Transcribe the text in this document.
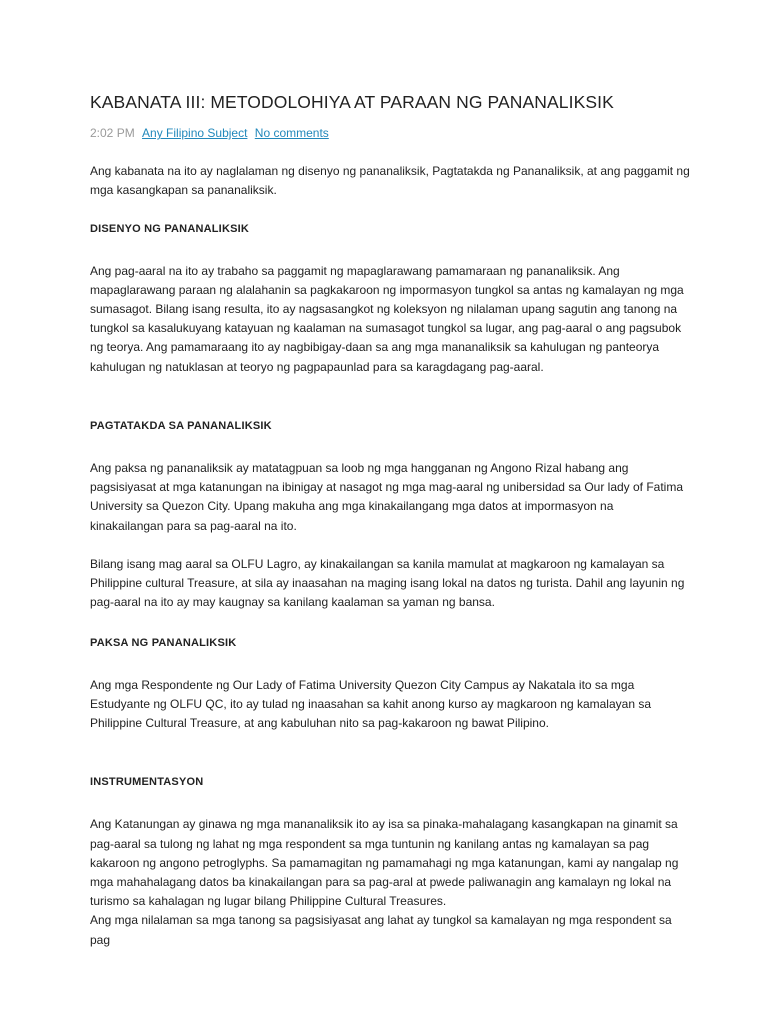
KABANATA III: METODOLOHIYA AT PARAAN NG PANANALIKSIK
2:02 PM Any Filipino Subject No comments

Ang kabanata na ito ay naglalaman ng disenyo ng pananaliksik, Pagtatakda ng Pananaliksik, at ang paggamit ng mga kasangkapan sa pananaliksik.

DISENYO NG PANANALIKSIK

Ang pag-aaral na ito ay trabaho sa paggamit ng mapaglarawang pamamaraan ng pananaliksik. Ang mapaglarawang paraan ng alalahanin sa pagkakaroon ng impormasyon tungkol sa antas ng kamalayan ng mga sumasagot. Bilang isang resulta, ito ay nagsasangkot ng koleksyon ng nilalaman upang sagutin ang tanong na tungkol sa kasalukuyang katayuan ng kaalaman na sumasagot tungkol sa lugar, ang pag-aaral o ang pagsubok ng teorya. Ang pamamaraang ito ay nagbibigay-daan sa ang mga mananaliksik sa kahulugan ng panteorya kahulugan ng natuklasan at teoryo ng pagpapaunlad para sa karagdagang pag-aaral.

PAGTATAKDA SA PANANALIKSIK

Ang paksa ng pananaliksik ay matatagpuan sa loob ng mga hangganan ng Angono Rizal habang ang pagsisiyasat at mga katanungan na ibinigay at nasagot ng mga mag-aaral ng unibersidad sa Our lady of Fatima University sa Quezon City. Upang makuha ang mga kinakailangang mga datos at impormasyon na kinakailangan para sa pag-aaral na ito.

Bilang isang mag aaral sa OLFU Lagro, ay kinakailangan sa kanila mamulat at magkaroon ng kamalayan sa Philippine cultural Treasure, at sila ay inaasahan na maging isang lokal na datos ng turista. Dahil ang layunin ng pag-aaral na ito ay may kaugnay sa kanilang kaalaman sa yaman ng bansa.

PAKSA NG PANANALIKSIK

Ang mga Respondente ng Our Lady of Fatima University Quezon City Campus ay Nakatala ito sa mga Estudyante ng OLFU QC, ito ay tulad ng inaasahan sa kahit anong kurso ay magkaroon ng kamalayan sa Philippine Cultural Treasure, at ang kabuluhan nito sa pag-kakaroon ng bawat Pilipino.

INSTRUMENTASYON

Ang Katanungan ay ginawa ng mga mananaliksik ito ay isa sa pinaka-mahalagang kasangkapan na ginamit sa pag-aaral sa tulong ng lahat ng mga respondent sa mga tuntunin ng kanilang antas ng kamalayan sa pag kakaroon ng angono petroglyphs. Sa pamamagitan ng pamamahagi ng mga katanungan, kami ay nangalap ng mga mahahalagang datos ba kinakailangan para sa pag-aral at pwede paliwanagin ang kamalayn ng lokal na turismo sa kahalagan ng lugar bilang Philippine Cultural Treasures.

Ang mga nilalaman sa mga tanong sa pagsisiyasat ang lahat ay tungkol sa kamalayan ng mga respondent sa pag
